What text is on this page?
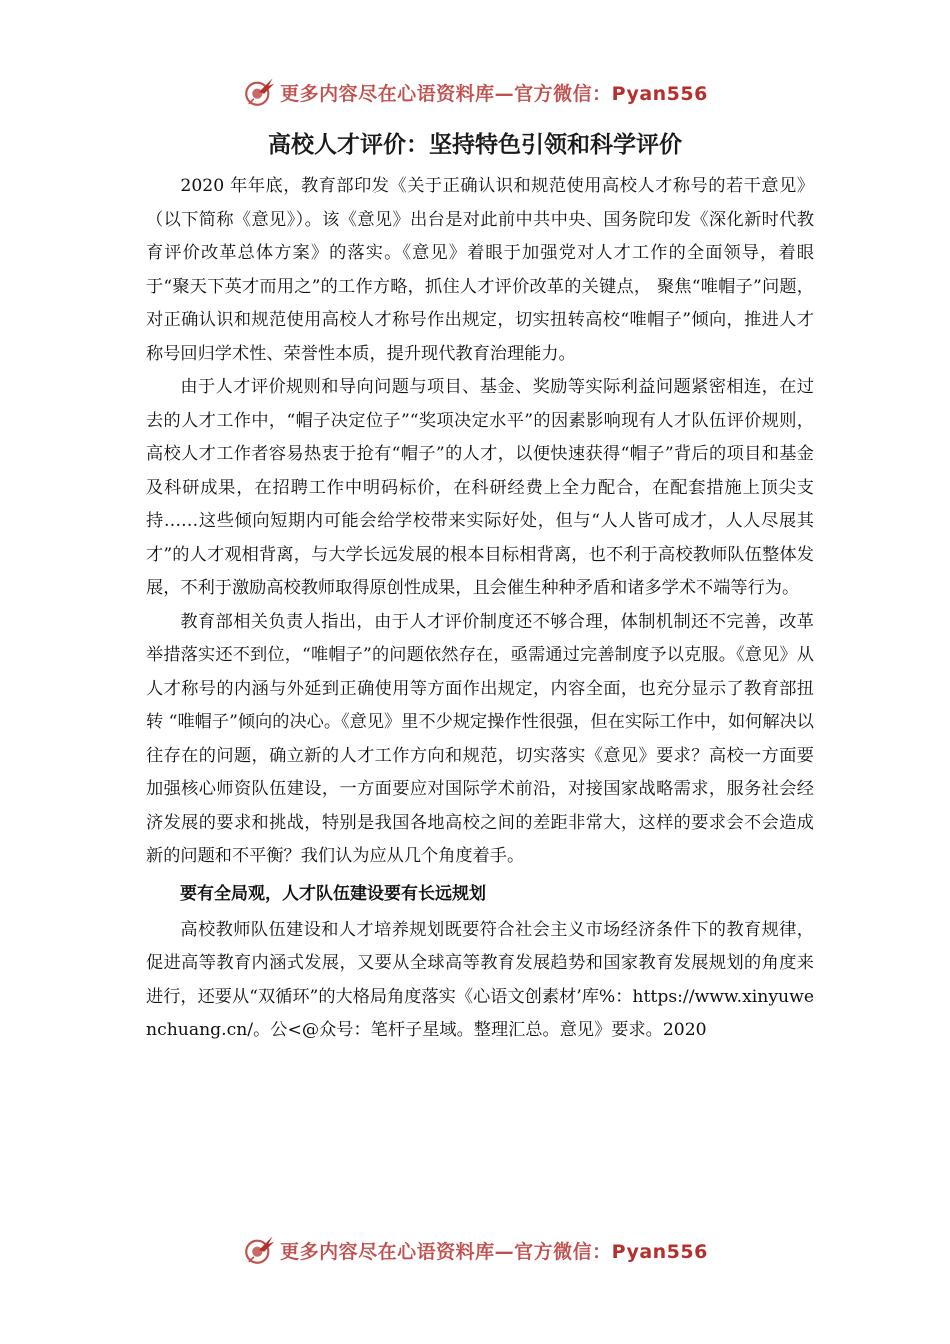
更多内容尽在心语资料库—官方微信：Pyan556
高校人才评价：坚持特色引领和科学评价

2020 年年底，教育部印发《关于正确认识和规范使用高校人才称号的若干意见》（以下简称《意见》）。该《意见》出台是对此前中共中央、国务院印发《深化新时代教育评价改革总体方案》的落实。《意见》着眼于加强党对人才工作的全面领导，着眼于“聚天下英才而用之”的工作方略，抓住人才评价改革的关键点， 聚焦“唯帽子”问题，对正确认识和规范使用高校人才称号作出规定，切实扭转高校“唯帽子”倾向，推进人才称号回归学术性、荣誉性本质，提升现代教育治理能力。

由于人才评价规则和导向问题与项目、基金、奖励等实际利益问题紧密相连，在过去的人才工作中，“帽子决定位子”“奖项决定水平”的因素影响现有人才队伍评价规则，高校人才工作者容易热衷于抢有“帽子”的人才，以便快速获得“帽子”背后的项目和基金及科研成果，在招聘工作中明码标价，在科研经费上全力配合，在配套措施上顶尖支持……这些倾向短期内可能会给学校带来实际好处，但与“人人皆可成才，人人尽展其才”的人才观相背离，与大学长远发展的根本目标相背离，也不利于高校教师队伍整体发展，不利于激励高校教师取得原创性成果，且会催生种种矛盾和诸多学术不端等行为。

教育部相关负责人指出，由于人才评价制度还不够合理，体制机制还不完善，改革举措落实还不到位，“唯帽子”的问题依然存在，亟需通过完善制度予以克服。《意见》从人才称号的内涵与外延到正确使用等方面作出规定，内容全面，也充分显示了教育部扭转 “唯帽子”倾向的决心。《意见》里不少规定操作性很强，但在实际工作中，如何解决以往存在的问题，确立新的人才工作方向和规范，切实落实《意见》要求？高校一方面要加强核心师资队伍建设，一方面要应对国际学术前沿，对接国家战略需求，服务社会经济发展的要求和挑战，特别是我国各地高校之间的差距非常大，这样的要求会不会造成新的问题和不平衡？我们认为应从几个角度着手。

要有全局观，人才队伍建设要有长远规划

高校教师队伍建设和人才培养规划既要符合社会主义市场经济条件下的教育规律，促进高等教育内涵式发展，又要从全球高等教育发展趋势和国家教育发展规划的角度来进行，还要从“双循环”的大格局角度落实《心语文创素材’库%：https://www.xinyuwenchuang.cn/。公<@众号：笔杆子星域。整理汇总。意见》要求。2020

更多内容尽在心语资料库—官方微信：Pyan556
